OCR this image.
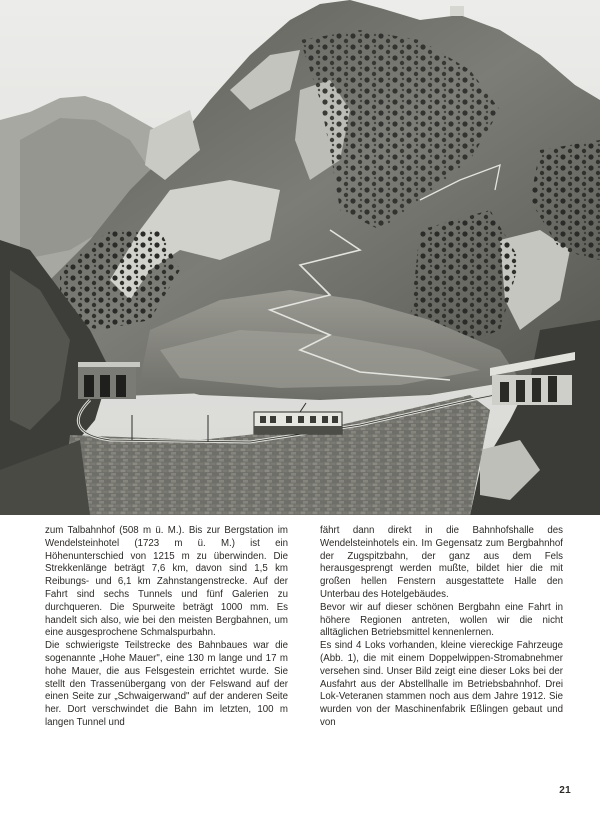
zum Talbahnhof (508 m ü. M.). Bis zur Bergstation im Wendelsteinhotel (1723 m ü. M.) ist ein Höhenunterschied von 1215 m zu überwinden. Die Strekkenlänge beträgt 7,6 km, davon sind 1,5 km Reibungs- und 6,1 km Zahnstangenstrecke. Auf der Fahrt sind sechs Tunnels und fünf Galerien zu durchqueren. Die Spurweite beträgt 1000 mm. Es handelt sich also, wie bei den meisten Bergbahnen, um eine ausgesprochene Schmalspurbahn.

Die schwierigste Teilstrecke des Bahnbaues war die sogenannte „Hohe Mauer", eine 130 m lange und 17 m hohe Mauer, die aus Felsgestein errichtet wurde. Sie stellt den Trassenübergang von der Felswand auf der einen Seite zur „Schwaigerwand" auf der anderen Seite her. Dort verschwindet die Bahn im letzten, 100 m langen Tunnel und

fährt dann direkt in die Bahnhofshalle des Wendelsteinhotels ein. Im Gegensatz zum Bergbahnhof der Zugspitzbahn, der ganz aus dem Fels herausgesprengt werden mußte, bildet hier die mit großen hellen Fenstern ausgestattete Halle den Unterbau des Hotelgebäudes.

Bevor wir auf dieser schönen Bergbahn eine Fahrt in höhere Regionen antreten, wollen wir die nicht alltäglichen Betriebsmittel kennenlernen.

Es sind 4 Loks vorhanden, kleine viereckige Fahrzeuge (Abb. 1), die mit einem Doppelwippen-Stromabnehmer versehen sind. Unser Bild zeigt eine dieser Loks bei der Ausfahrt aus der Abstellhalle im Betriebsbahnhof. Drei Lok-Veteranen stammen noch aus dem Jahre 1912. Sie wurden von der Maschinenfabrik Eßlingen gebaut und von

21
